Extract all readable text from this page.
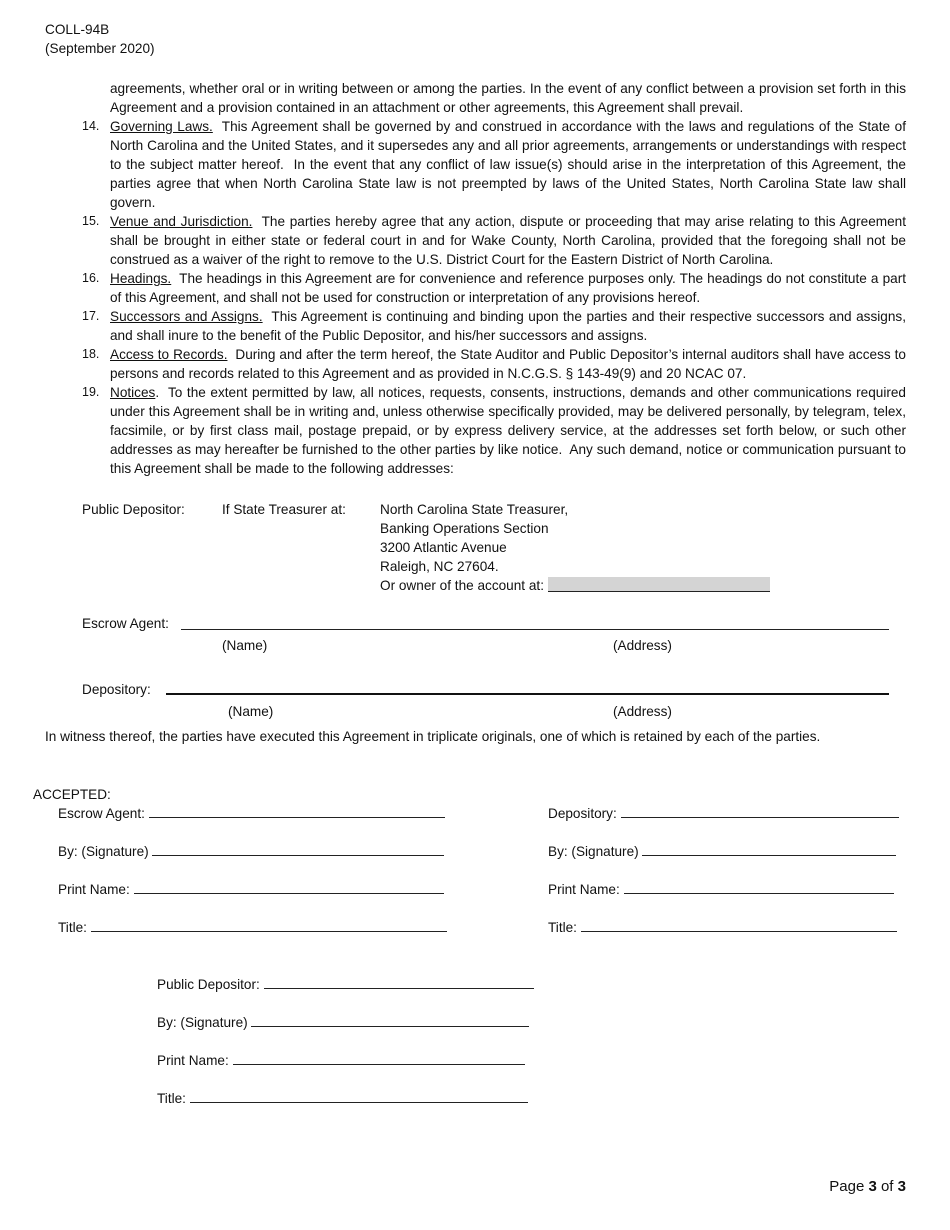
COLL-94B
(September 2020)

agreements, whether oral or in writing between or among the parties. In the event of any conflict between a provision set forth in this Agreement and a provision contained in an attachment or other agreements, this Agreement shall prevail.

14. Governing Laws.  This Agreement shall be governed by and construed in accordance with the laws and regulations of the State of North Carolina and the United States, and it supersedes any and all prior agreements, arrangements or understandings with respect to the subject matter hereof.  In the event that any conflict of law issue(s) should arise in the interpretation of this Agreement, the parties agree that when North Carolina State law is not preempted by laws of the United States, North Carolina State law shall govern.
15. Venue and Jurisdiction.  The parties hereby agree that any action, dispute or proceeding that may arise relating to this Agreement shall be brought in either state or federal court in and for Wake County, North Carolina, provided that the foregoing shall not be construed as a waiver of the right to remove to the U.S. District Court for the Eastern District of North Carolina.
16. Headings.  The headings in this Agreement are for convenience and reference purposes only. The headings do not constitute a part of this Agreement, and shall not be used for construction or interpretation of any provisions hereof.
17. Successors and Assigns.  This Agreement is continuing and binding upon the parties and their respective successors and assigns, and shall inure to the benefit of the Public Depositor, and his/her successors and assigns.
18. Access to Records.  During and after the term hereof, the State Auditor and Public Depositor’s internal auditors shall have access to persons and records related to this Agreement and as provided in N.C.G.S. § 143-49(9) and 20 NCAC 07.
19. Notices.  To the extent permitted by law, all notices, requests, consents, instructions, demands and other communications required under this Agreement shall be in writing and, unless otherwise specifically provided, may be delivered personally, by telegram, telex, facsimile, or by first class mail, postage prepaid, or by express delivery service, at the addresses set forth below, or such other addresses as may hereafter be furnished to the other parties by like notice.  Any such demand, notice or communication pursuant to this Agreement shall be made to the following addresses:
Public Depositor:	If State Treasurer at:	North Carolina State Treasurer,
Banking Operations Section
3200 Atlantic Avenue
Raleigh, NC 27604.
Or owner of the account at:
Escrow Agent:
(Name)	(Address)
Depository:
(Name)	(Address)
In witness thereof, the parties have executed this Agreement in triplicate originals, one of which is retained by each of the parties.
ACCEPTED:
Escrow Agent:
By: (Signature)
Print Name:
Title:
Depository:
By: (Signature)
Print Name:
Title:
Public Depositor:
By: (Signature)
Print Name:
Title:
Page 3 of 3
